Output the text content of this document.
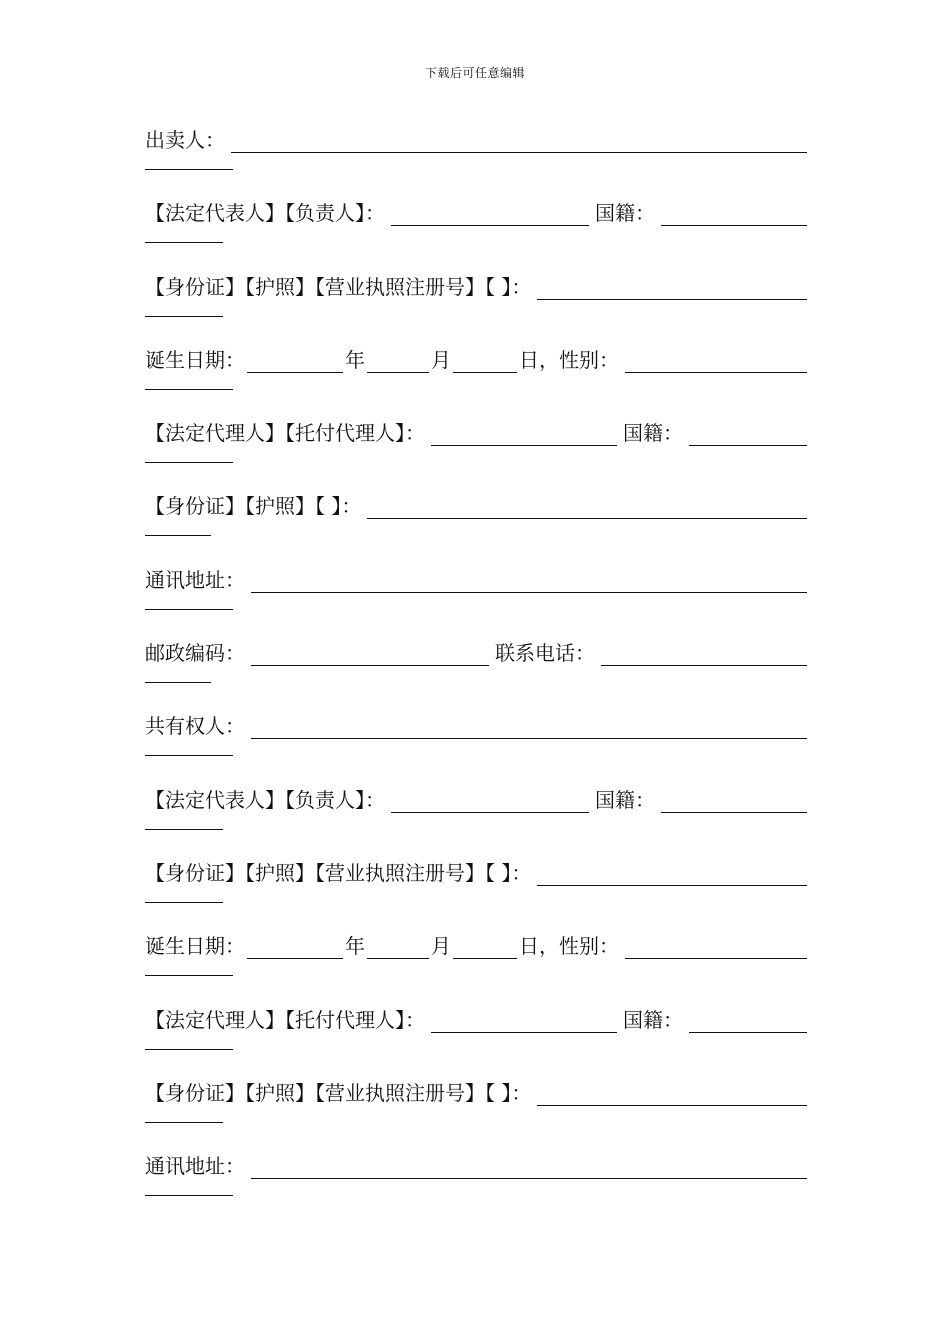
下载后可任意编辑
出卖人：
【法定代表人】【负责人】：	国籍：
【身份证】【护照】【营业执照注册号】【 】：
诞生日期：	年	月	日，性别：
【法定代理人】【托付代理人】：	国籍：
【身份证】【护照】【 】：
通讯地址：
邮政编码：	联系电话：
共有权人：
【法定代表人】【负责人】：	国籍：
【身份证】【护照】【营业执照注册号】【 】：
诞生日期：	年	月	日，性别：
【法定代理人】【托付代理人】：	国籍：
【身份证】【护照】【营业执照注册号】【 】：
通讯地址：
